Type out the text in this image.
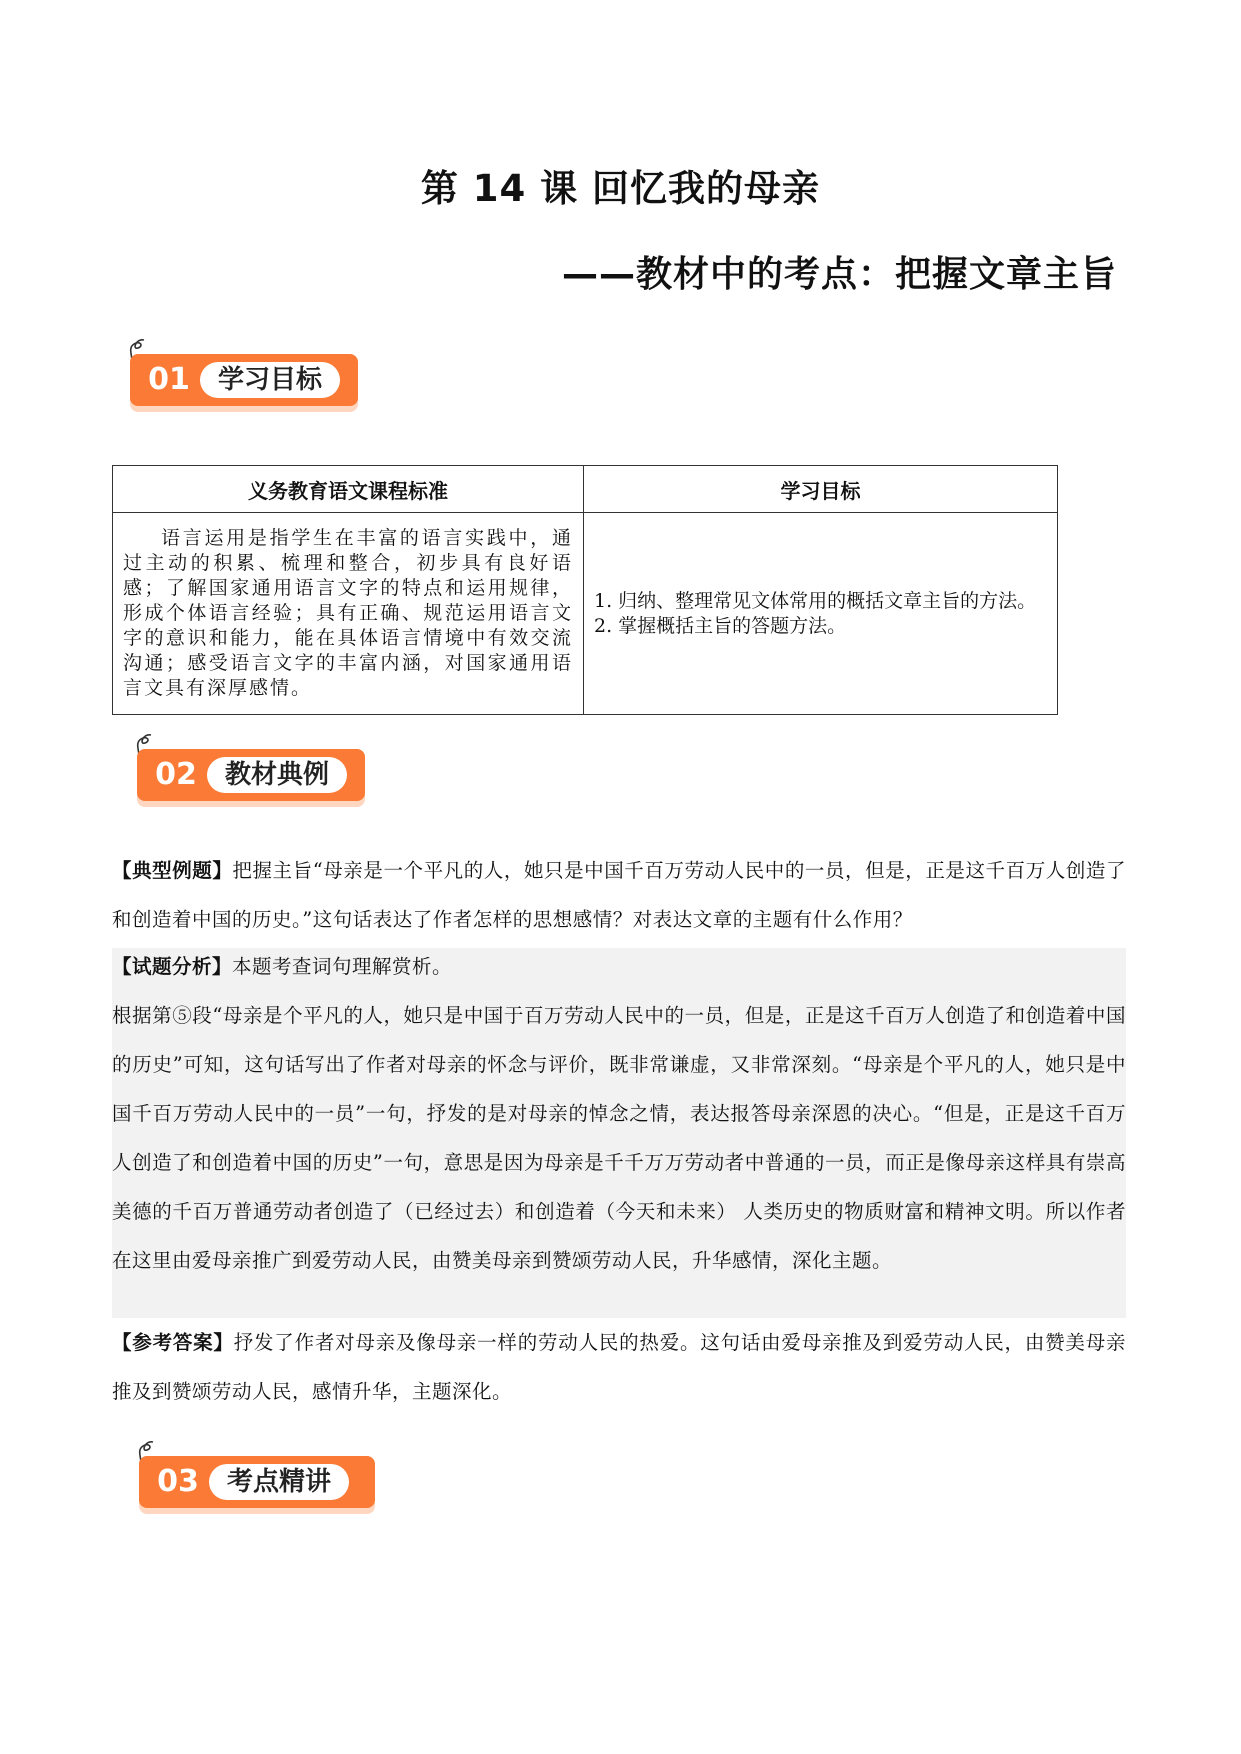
第 14 课 回忆我的母亲
——教材中的考点：把握文章主旨
01	学习目标
义务教育语文课程标准	学习目标
语言运用是指学生在丰富的语言实践中，通过主动的积累、梳理和整合，初步具有良好语感；了解国家通用语言文字的特点和运用规律，形成个体语言经验；具有正确、规范运用语言文字的意识和能力，能在具体语言情境中有效交流沟通；感受语言文字的丰富内涵，对国家通用语言文具有深厚感情。	1. 归纳、整理常见文体常用的概括文章主旨的方法。
2. 掌握概括主旨的答题方法。
02	教材典例
【典型例题】把握主旨“母亲是一个平凡的人，她只是中国千百万劳动人民中的一员，但是，正是这千百万人创造了和创造着中国的历史。”这句话表达了作者怎样的思想感情？对表达文章的主题有什么作用？
【试题分析】本题考查词句理解赏析。
根据第⑤段“母亲是个平凡的人，她只是中国于百万劳动人民中的一员，但是，正是这千百万人创造了和创造着中国的历史”可知，这句话写出了作者对母亲的怀念与评价，既非常谦虚，又非常深刻。“母亲是个平凡的人，她只是中国千百万劳动人民中的一员”一句，抒发的是对母亲的悼念之情，表达报答母亲深恩的决心。“但是，正是这千百万人创造了和创造着中国的历史”一句，意思是因为母亲是千千万万劳动者中普通的一员，而正是像母亲这样具有崇高美德的千百万普通劳动者创造了（已经过去）和创造着（今天和未来） 人类历史的物质财富和精神文明。所以作者在这里由爱母亲推广到爱劳动人民，由赞美母亲到赞颂劳动人民，升华感情，深化主题。
【参考答案】抒发了作者对母亲及像母亲一样的劳动人民的热爱。这句话由爱母亲推及到爱劳动人民，由赞美母亲推及到赞颂劳动人民，感情升华，主题深化。
03	考点精讲
